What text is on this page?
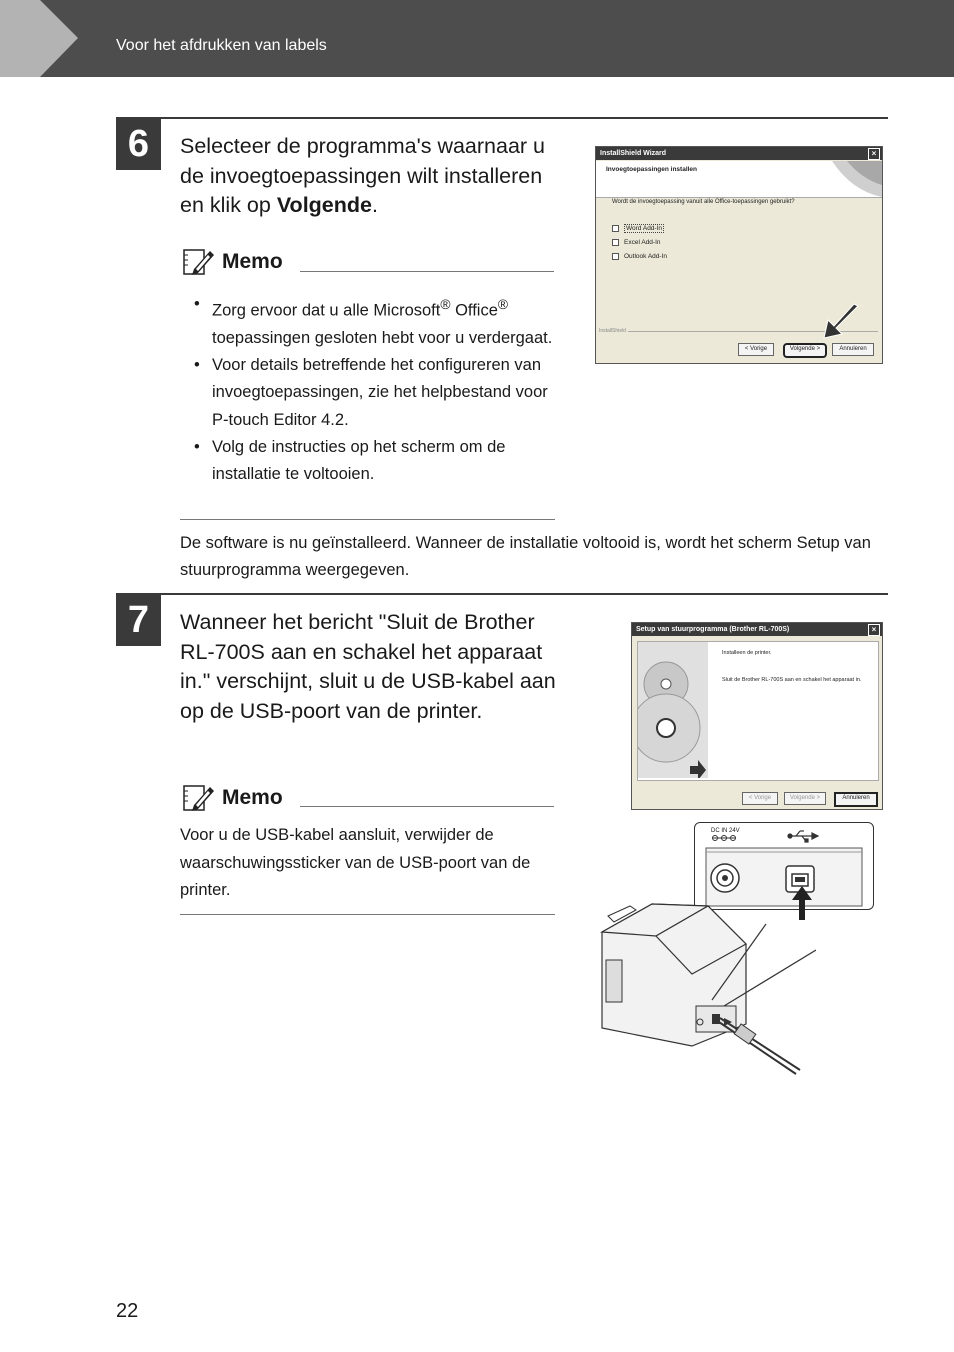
Voor het afdrukken van labels
6	Selecteer de programma's waarnaar u de invoegtoepassingen wilt installeren en klik op Volgende.
Memo
• Zorg ervoor dat u alle Microsoft® Office® toepassingen gesloten hebt voor u verdergaat.
• Voor details betreffende het configureren van invoegtoepassingen, zie het helpbestand voor P-touch Editor 4.2.
• Volg de instructies op het scherm om de installatie te voltooien.
De software is nu geïnstalleerd. Wanneer de installatie voltooid is, wordt het scherm Setup van stuurprogramma weergegeven.
InstallShield Wizard	×
Invoegtoepassingen installen
Wordt de invoegtoepassing vanuit alle Office-toepassingen gebruikt?
Word Add-In
Excel Add-In
Outlook Add-In
InstallShield
< Vorige	Volgende >	Annuleren
7	Wanneer het bericht "Sluit de Brother RL-700S aan en schakel het apparaat in." verschijnt, sluit u de USB-kabel aan op de USB-poort van de printer.
Memo
Voor u de USB-kabel aansluit, verwijder de waarschuwingssticker van de USB-poort van de printer.
Setup van stuurprogramma (Brother RL-700S)	×
Installeen de printer.
Sluit de Brother RL-700S aan en schakel het apparaat in.
< Vorige	Volgende >	Annuleren
DC IN 24V
22
